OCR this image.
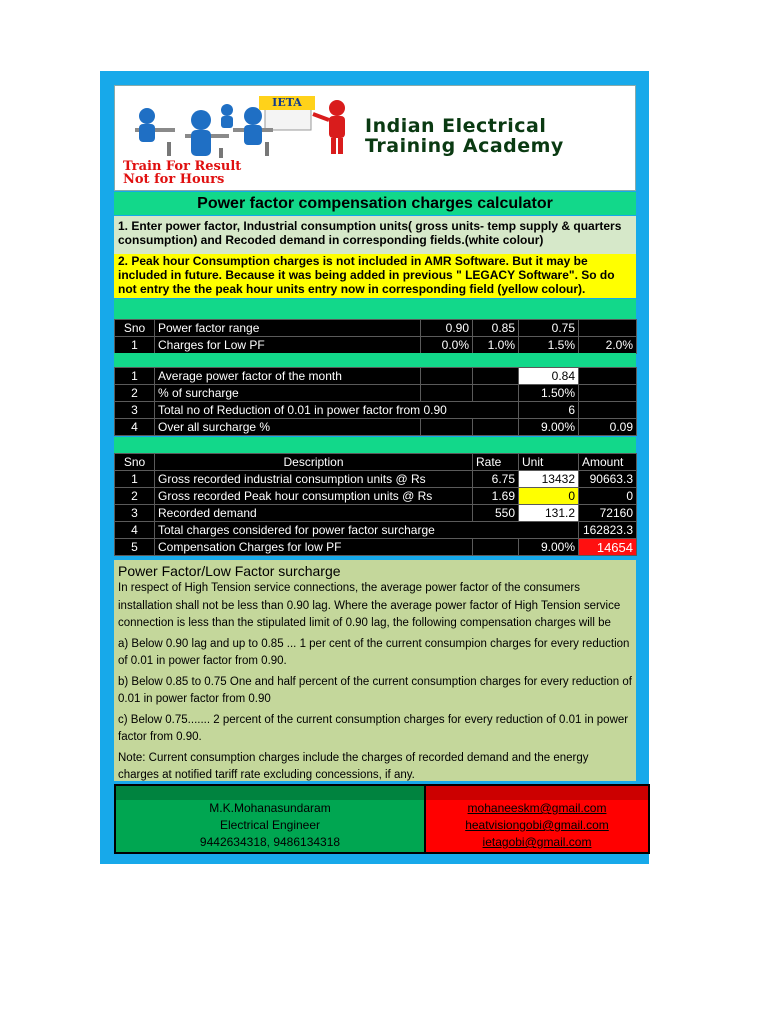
IETA
Train For Result
Not for Hours
Indian Electrical
Training Academy
Power factor compensation charges calculator
1. Enter power factor, Industrial consumption units( gross units- temp supply & quarters consumption) and Recoded demand in corresponding fields.(white colour)
2. Peak hour Consumption charges is not included in AMR Software. But it may be included in future. Because it was being added in previous " LEGACY Software". So do not entry the the peak hour units entry now in corresponding field (yellow colour).
Sno	Power factor range	0.90	0.85	0.75	
1	Charges for Low PF	0.0%	1.0%	1.5%	2.0%
1	Average power factor of the month			0.84	
2	% of surcharge			1.50%	
3	Total no of Reduction of 0.01 in power factor from 0.90			6	
4	Over all surcharge %			9.00%	0.09
Sno	Description	Rate	Unit	Amount
1	Gross recorded industrial consumption units @ Rs	6.75	13432	90663.3
2	Gross recorded Peak hour consumption units @ Rs	1.69	0	0
3	Recorded demand	550	131.2	72160
4	Total charges considered for power factor surcharge			162823.3
5	Compensation Charges for low PF		9.00%	14654
Power Factor/Low Factor surcharge

In respect of High Tension service connections, the average power factor of the consumers installation shall not be less than 0.90 lag. Where the average power factor of High Tension service connection is less than the stipulated limit of 0.90 lag, the following compensation charges will be

a) Below 0.90 lag and up to 0.85 ... 1 per cent of the current consumpion charges for every reduction of 0.01 in power factor from 0.90.

b) Below 0.85 to 0.75 One and half percent of the current consumption charges for every reduction of 0.01 in power factor from 0.90

c) Below 0.75....... 2 percent of the current consumption charges for every reduction of 0.01 in power factor from 0.90.

Note: Current consumption charges include the charges of recorded demand and the energy charges at notified tariff rate excluding concessions, if any.

M.K.Mohanasundaram
Electrical Engineer
9442634318, 9486134318
mohaneeskm@gmail.com
heatvisiongobi@gmail.com
ietagobi@gmail.com
